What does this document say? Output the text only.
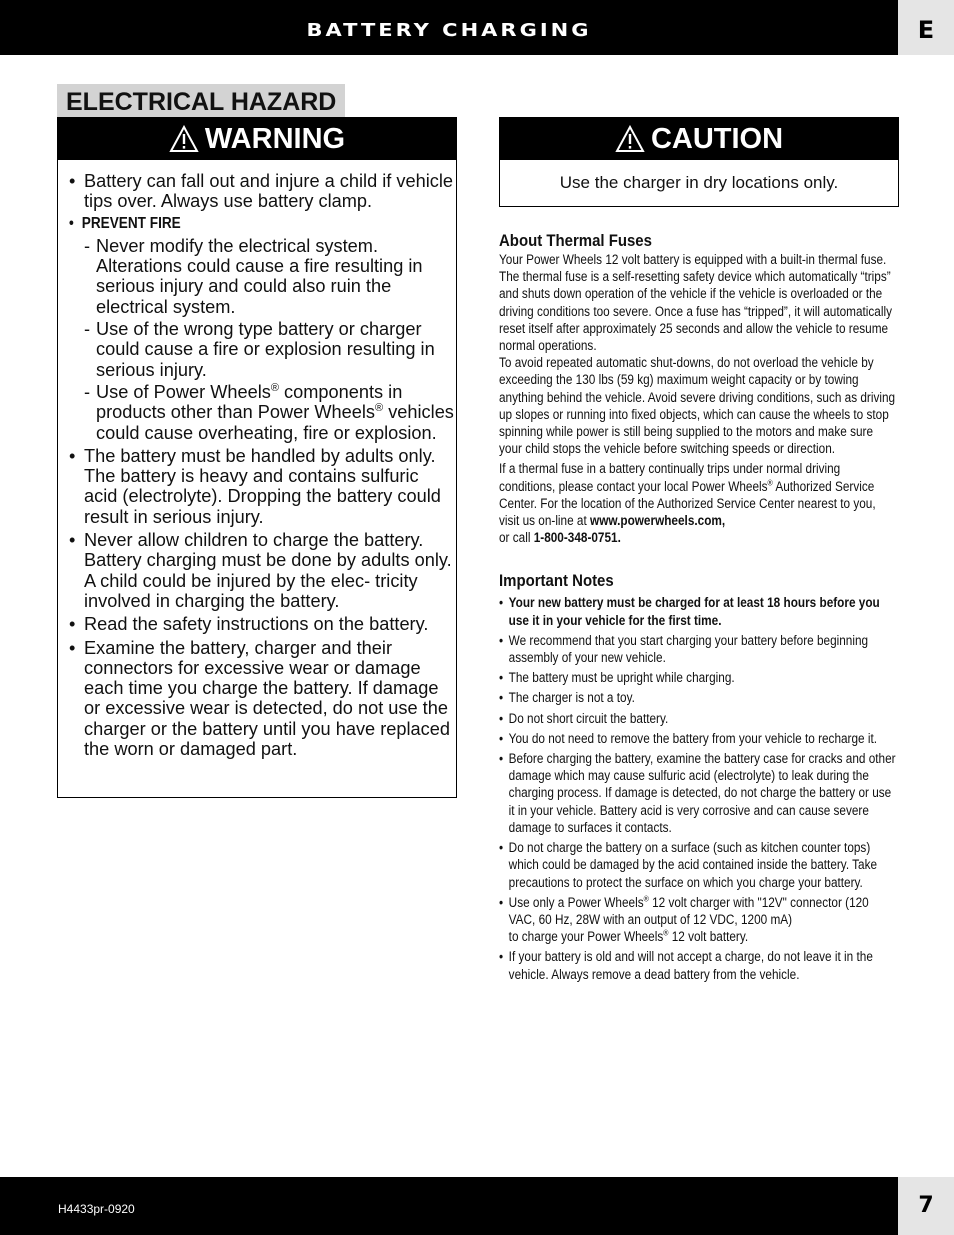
BATTERY CHARGING	E
ELECTRICAL HAZARD
WARNING
• Battery can fall out and injure a child if vehicle tips over. Always use battery clamp.
• PREVENT FIRE
- Never modify the electrical system. Alterations could cause a fire resulting in serious injury and could also ruin the electrical system.
- Use of the wrong type battery or charger could cause a fire or explosion resulting in serious injury.
- Use of Power Wheels® components in products other than Power Wheels® vehicles could cause overheating, fire or explosion.
• The battery must be handled by adults only. The battery is heavy and contains sulfuric acid (electrolyte). Dropping the battery could result in serious injury.
• Never allow children to charge the battery. Battery charging must be done by adults only. A child could be injured by the elec- tricity involved in charging the battery.
• Read the safety instructions on the battery.
• Examine the battery, charger and their connectors for excessive wear or damage each time you charge the battery. If damage or excessive wear is detected, do not use the charger or the battery until you have replaced the worn or damaged part.
CAUTION
Use the charger in dry locations only.
About Thermal Fuses

Your Power Wheels 12 volt battery is equipped with a built-in thermal fuse. The thermal fuse is a self-resetting safety device which automatically “trips” and shuts down operation of the vehicle if the vehicle is overloaded or the driving conditions too severe. Once a fuse has “tripped”, it will automatically reset itself after approximately 25 seconds and allow the vehicle to resume normal operations.

To avoid repeated automatic shut-downs, do not overload the vehicle by exceeding the 130 lbs (59 kg) maximum weight capacity or by towing anything behind the vehicle. Avoid severe driving conditions, such as driving up slopes or running into fixed objects, which can cause the wheels to stop spinning while power is still being supplied to the motors and make sure your child stops the vehicle before switching speeds or direction.

If a thermal fuse in a battery continually trips under normal driving conditions, please contact your local Power Wheels® Authorized Service Center. For the location of the Authorized Service Center nearest to you, visit us on-line at www.powerwheels.com,
or call 1-800-348-0751.

Important Notes
• Your new battery must be charged for at least 18 hours before you use it in your vehicle for the first time.
• We recommend that you start charging your battery before beginning assembly of your new vehicle.
• The battery must be upright while charging.
• The charger is not a toy.
• Do not short circuit the battery.
• You do not need to remove the battery from your vehicle to recharge it.
• Before charging the battery, examine the battery case for cracks and other damage which may cause sulfuric acid (electrolyte) to leak during the charging process. If damage is detected, do not charge the battery or use it in your vehicle. Battery acid is very corrosive and can cause severe damage to surfaces it contacts.
• Do not charge the battery on a surface (such as kitchen counter tops) which could be damaged by the acid contained inside the battery. Take precautions to protect the surface on which you charge your battery.
• Use only a Power Wheels® 12 volt charger with "12V" connector (120 VAC, 60 Hz, 28W with an output of 12 VDC, 1200 mA)
to charge your Power Wheels® 12 volt battery.
• If your battery is old and will not accept a charge, do not leave it in the vehicle. Always remove a dead battery from the vehicle.
H4433pr-0920	7
